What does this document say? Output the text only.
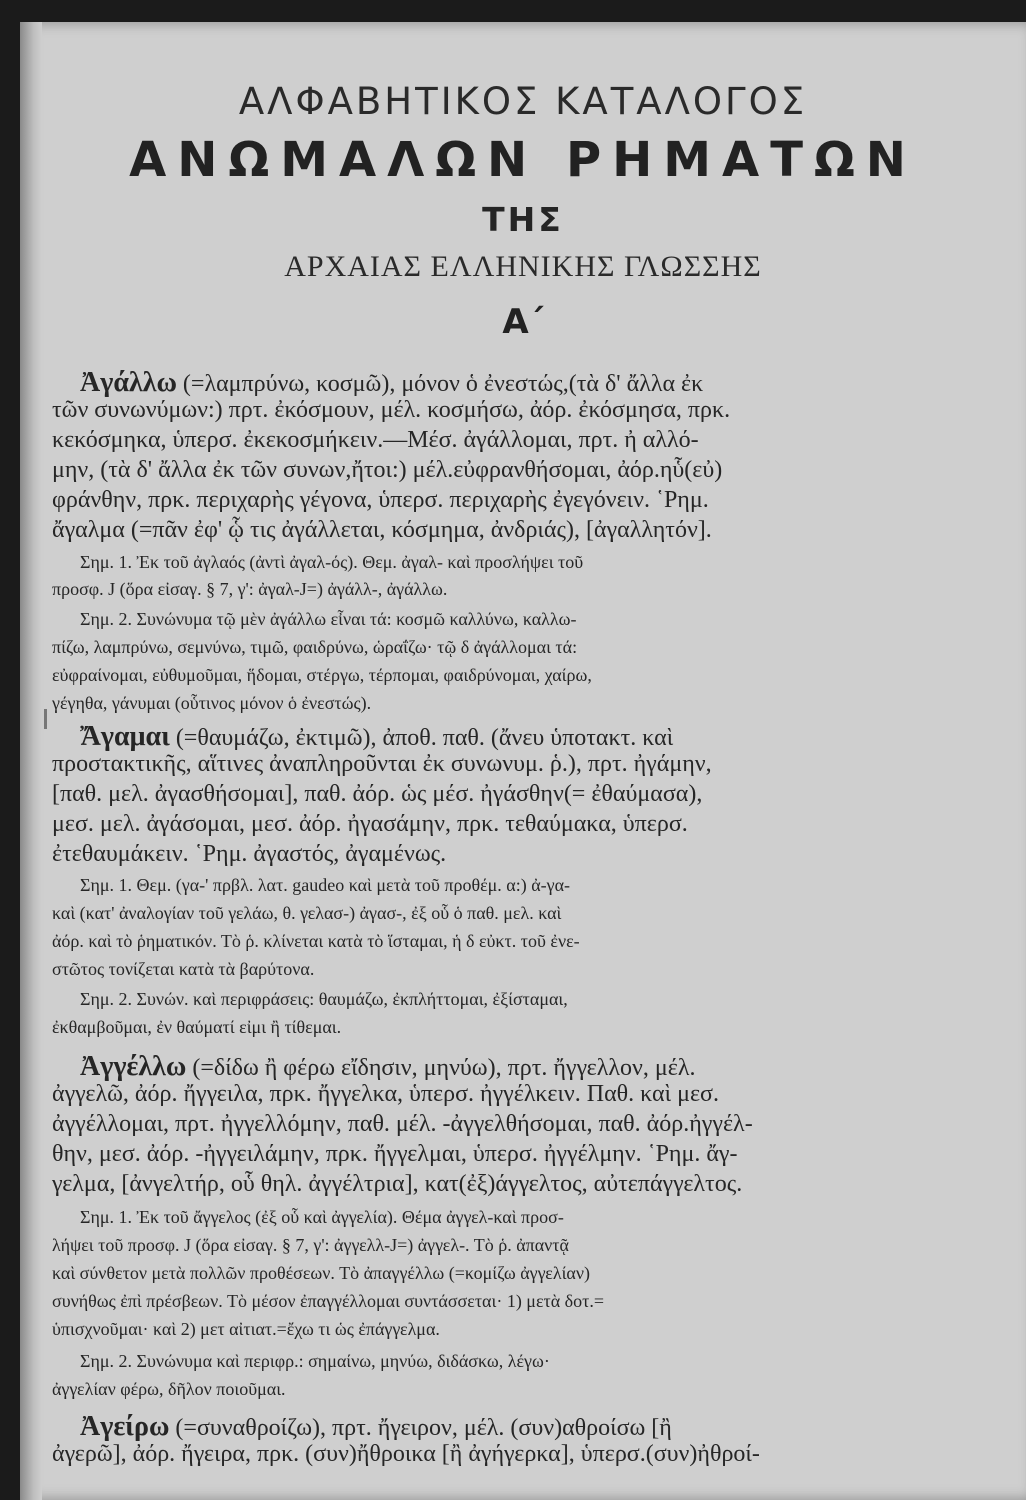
ΑΛΦΑΒΗΤΙΚΟΣ ΚΑΤΑΛΟΓΟΣ
ΑΝΩΜΑΛΩΝ ΡΗΜΑΤΩΝ
ΤΗΣ
ΑΡΧΑΙΑΣ ΕΛΛΗΝΙΚΗΣ ΓΛΩΣΣΗΣ
Α΄
Ἀγάλλω (=λαμπρύνω, κοσμῶ), μόνον ὁ ἐνεστώς,(τὰ δ' ἄλλα ἐκ
τῶν συνωνύμων:) πρτ. ἐκόσμουν, μέλ. κοσμήσω, ἀόρ. ἐκόσμησα, πρκ.
κεκόσμηκα, ὑπερσ. ἐκεκοσμήκειν.—Μέσ. ἀγάλλομαι, πρτ. ἠ αλλό-
μην, (τὰ δ' ἄλλα ἐκ τῶν συνων,ἤτοι:) μέλ.εὐφρανθήσομαι, ἀόρ.ηὗ(εὐ)
φράνθην, πρκ. περιχαρὴς γέγονα, ὑπερσ. περιχαρὴς ἐγεγόνειν. ῾Ρημ.
ἄγαλμα (=πᾶν ἐφ' ᾧ τις ἀγάλλεται, κόσμημα, ἀνδριάς), [ἀγαλλητόν].
Σημ. 1. Ἐκ τοῦ ἀγλαός (ἀντὶ ἀγαλ-ός). Θεμ. ἀγαλ- καὶ προσλήψει τοῦ
προσφ. J (ὅρα εἰσαγ. § 7, γ': ἀγαλ-J=) ἀγάλλ-, ἀγάλλω.
Σημ. 2. Συνώνυμα τῷ μὲν ἀγάλλω εἶναι τά: κοσμῶ καλλύνω, καλλω-
πίζω, λαμπρύνω, σεμνύνω, τιμῶ, φαιδρύνω, ὡραΐζω· τῷ δ ἀγάλλομαι τά:
εὐφραίνομαι, εὐθυμοῦμαι, ἥδομαι, στέργω, τέρπομαι, φαιδρύνομαι, χαίρω,
γέγηθα, γάνυμαι (οὗτινος μόνον ὁ ἐνεστώς).
Ἄγαμαι (=θαυμάζω, ἐκτιμῶ), ἀποθ. παθ. (ἄνευ ὑποτακτ. καὶ
προστακτικῆς, αἵτινες ἀναπληροῦνται ἐκ συνωνυμ. ῥ.), πρτ. ἠγάμην,
[παθ. μελ. ἀγασθήσομαι], παθ. ἀόρ. ὡς μέσ. ἠγάσθην(= ἐθαύμασα),
μεσ. μελ. ἀγάσομαι, μεσ. ἀόρ. ἠγασάμην, πρκ. τεθαύμακα, ὑπερσ.
ἐτεθαυμάκειν. ῾Ρημ. ἀγαστός, ἀγαμένως.
Σημ. 1. Θεμ. (γα-' πρβλ. λατ. gaudeo καὶ μετὰ τοῦ προθέμ. α:) ἀ-γα-
καὶ (κατ' ἀναλογίαν τοῦ γελάω, θ. γελασ-) ἀγασ-, ἐξ οὗ ὁ παθ. μελ. καὶ
ἀόρ. καὶ τὸ ῥηματικόν. Τὸ ῥ. κλίνεται κατὰ τὸ ἵσταμαι, ἡ δ εὐκτ. τοῦ ἐνε-
στῶτος τονίζεται κατὰ τὰ βαρύτονα.
Σημ. 2. Συνών. καὶ περιφράσεις: θαυμάζω, ἐκπλήττομαι, ἐξίσταμαι,
ἐκθαμβοῦμαι, ἐν θαύματί εἰμι ἢ τίθεμαι.
Ἀγγέλλω (=δίδω ἢ φέρω εἴδησιν, μηνύω), πρτ. ἤγγελλον, μέλ.
ἀγγελῶ, ἀόρ. ἤγγειλα, πρκ. ἤγγελκα, ὑπερσ. ἠγγέλκειν. Παθ. καὶ μεσ.
ἀγγέλλομαι, πρτ. ἠγγελλόμην, παθ. μέλ. -ἀγγελθήσομαι, παθ. ἀόρ.ἠγγέλ-
θην, μεσ. ἀόρ. -ἠγγειλάμην, πρκ. ἤγγελμαι, ὑπερσ. ἠγγέλμην. ῾Ρημ. ἄγ-
γελμα, [ἀνγελτήρ, οὗ θηλ. ἀγγέλτρια], κατ(ἐξ)άγγελτος, αὐτεπάγγελτος.
Σημ. 1. Ἐκ τοῦ ἄγγελος (ἐξ οὗ καὶ ἀγγελία). Θέμα ἀγγελ-καὶ προσ-
λήψει τοῦ προσφ. J (ὅρα εἰσαγ. § 7, γ': ἀγγελλ-J=) ἀγγελ-. Τὸ ῥ. ἀπαντᾷ
καὶ σύνθετον μετὰ πολλῶν προθέσεων. Τὸ ἀπαγγέλλω (=κομίζω ἀγγελίαν)
συνήθως ἐπὶ πρέσβεων. Τὸ μέσον ἐπαγγέλλομαι συντάσσεται· 1) μετὰ δοτ.=
ὑπισχνοῦμαι· καὶ 2) μετ αἰτιατ.=ἔχω τι ὡς ἐπάγγελμα.
Σημ. 2. Συνώνυμα καὶ περιφρ.: σημαίνω, μηνύω, διδάσκω, λέγω·
ἀγγελίαν φέρω, δῆλον ποιοῦμαι.
Ἀγείρω (=συναθροίζω), πρτ. ἤγειρον, μέλ. (συν)αθροίσω [ἢ
ἀγερῶ], ἀόρ. ἤγειρα, πρκ. (συν)ἤθροικα [ἢ ἀγήγερκα], ὑπερσ.(συν)ἠθροί-
